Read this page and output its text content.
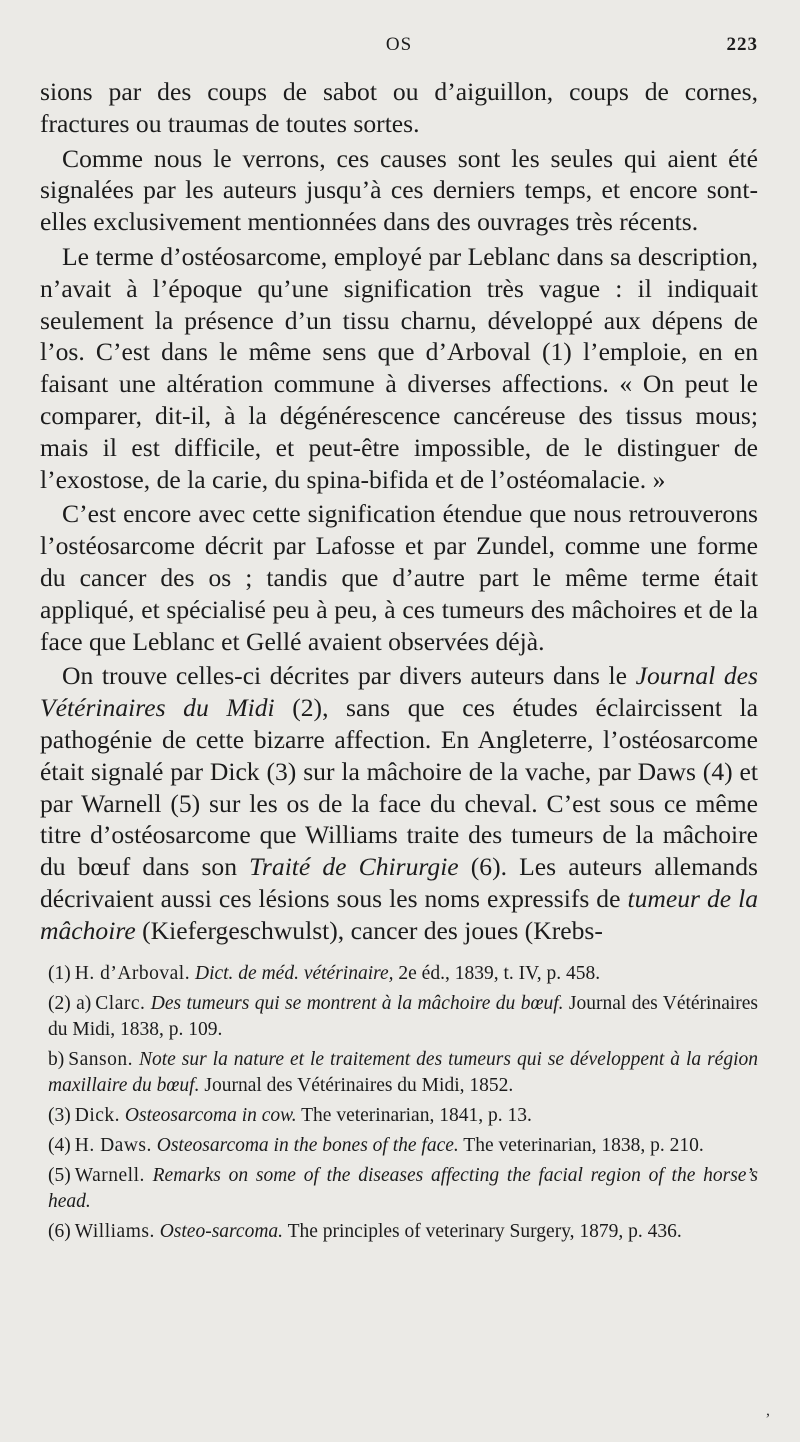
OS	223

sions par des coups de sabot ou d’aiguillon, coups de cornes, fractures ou traumas de toutes sortes.

Comme nous le verrons, ces causes sont les seules qui aient été signalées par les auteurs jusqu’à ces derniers temps, et encore sont-elles exclusivement mentionnées dans des ouvrages très récents.

Le terme d’ostéosarcome, employé par Leblanc dans sa description, n’avait à l’époque qu’une signification très vague : il indiquait seulement la présence d’un tissu charnu, développé aux dépens de l’os. C’est dans le même sens que d’Arboval (1) l’emploie, en en faisant une altération commune à diverses affections. « On peut le comparer, dit-il, à la dégénérescence cancéreuse des tissus mous; mais il est difficile, et peut-être impossible, de le distinguer de l’exostose, de la carie, du spina-bifida et de l’ostéomalacie. »

C’est encore avec cette signification étendue que nous retrouverons l’ostéosarcome décrit par Lafosse et par Zundel, comme une forme du cancer des os ; tandis que d’autre part le même terme était appliqué, et spécialisé peu à peu, à ces tumeurs des mâchoires et de la face que Leblanc et Gellé avaient observées déjà.

On trouve celles-ci décrites par divers auteurs dans le Journal des Vétérinaires du Midi (2), sans que ces études éclaircissent la pathogénie de cette bizarre affection. En Angleterre, l’ostéosarcome était signalé par Dick (3) sur la mâchoire de la vache, par Daws (4) et par Warnell (5) sur les os de la face du cheval. C’est sous ce même titre d’ostéosarcome que Williams traite des tumeurs de la mâchoire du bœuf dans son Traité de Chirurgie (6). Les auteurs allemands décrivaient aussi ces lésions sous les noms expressifs de tumeur de la mâchoire (Kiefergeschwulst), cancer des joues (Krebs-

(1) H. d’Arboval. Dict. de méd. vétérinaire, 2e éd., 1839, t. IV, p. 458.

(2) a) Clarc. Des tumeurs qui se montrent à la mâchoire du bœuf. Journal des Vétérinaires du Midi, 1838, p. 109.

b) Sanson. Note sur la nature et le traitement des tumeurs qui se développent à la région maxillaire du bœuf. Journal des Vétérinaires du Midi, 1852.

(3) Dick. Osteosarcoma in cow. The veterinarian, 1841, p. 13.

(4) H. Daws. Osteosarcoma in the bones of the face. The veterinarian, 1838, p. 210.

(5) Warnell. Remarks on some of the diseases affecting the facial region of the horse’s head.

(6) Williams. Osteo-sarcoma. The principles of veterinary Surgery, 1879, p. 436.

,
